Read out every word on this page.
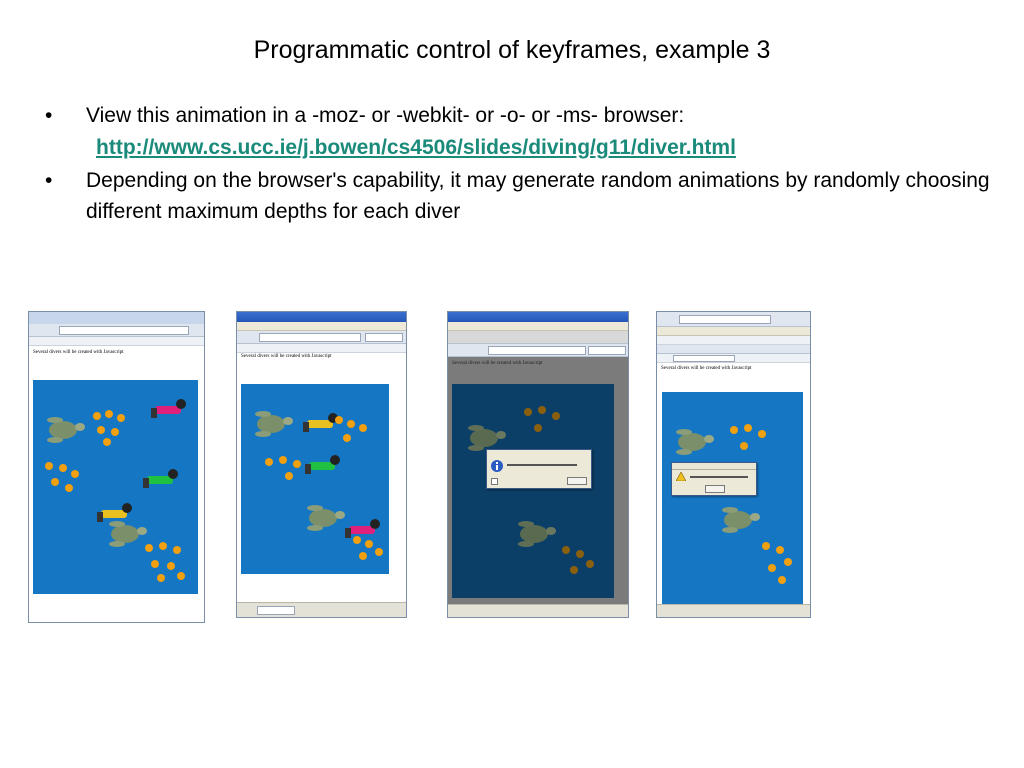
Programmatic control of keyframes, example 3
• View this animation in a -moz- or -webkit- or -o- or -ms- browser:
http://www.cs.ucc.ie/j.bowen/cs4506/slides/diving/g11/diver.html
• Depending on the browser's capability, it may generate random animations by randomly choosing different maximum depths for each diver
Several divers will be created with Javascript
Several divers will be created with Javascript
Several divers will be created with Javascript
Several divers will be created with Javascript
